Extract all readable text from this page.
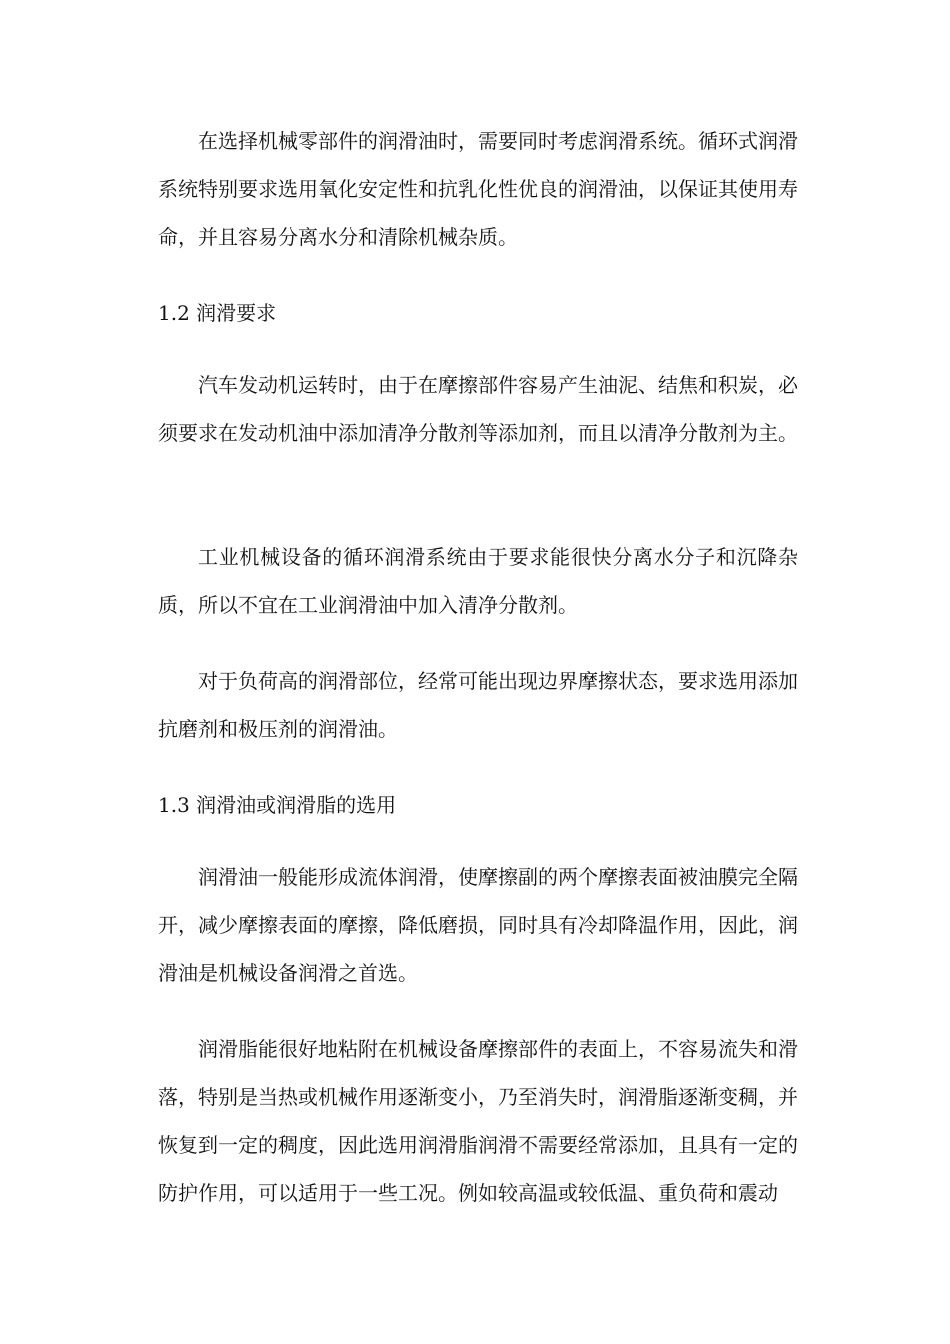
在选择机械零部件的润滑油时，需要同时考虑润滑系统。循环式润滑系统特别要求选用氧化安定性和抗乳化性优良的润滑油，以保证其使用寿命，并且容易分离水分和清除机械杂质。

1.2 润滑要求

汽车发动机运转时，由于在摩擦部件容易产生油泥、结焦和积炭，必须要求在发动机油中添加清净分散剂等添加剂，而且以清净分散剂为主。

工业机械设备的循环润滑系统由于要求能很快分离水分子和沉降杂质，所以不宜在工业润滑油中加入清净分散剂。

对于负荷高的润滑部位，经常可能出现边界摩擦状态，要求选用添加抗磨剂和极压剂的润滑油。

1.3 润滑油或润滑脂的选用

润滑油一般能形成流体润滑，使摩擦副的两个摩擦表面被油膜完全隔开，减少摩擦表面的摩擦，降低磨损，同时具有冷却降温作用，因此，润滑油是机械设备润滑之首选。

润滑脂能很好地粘附在机械设备摩擦部件的表面上，不容易流失和滑落，特别是当热或机械作用逐渐变小，乃至消失时，润滑脂逐渐变稠，并恢复到一定的稠度，因此选用润滑脂润滑不需要经常添加，且具有一定的防护作用，可以适用于一些工况。例如较高温或较低温、重负荷和震动
